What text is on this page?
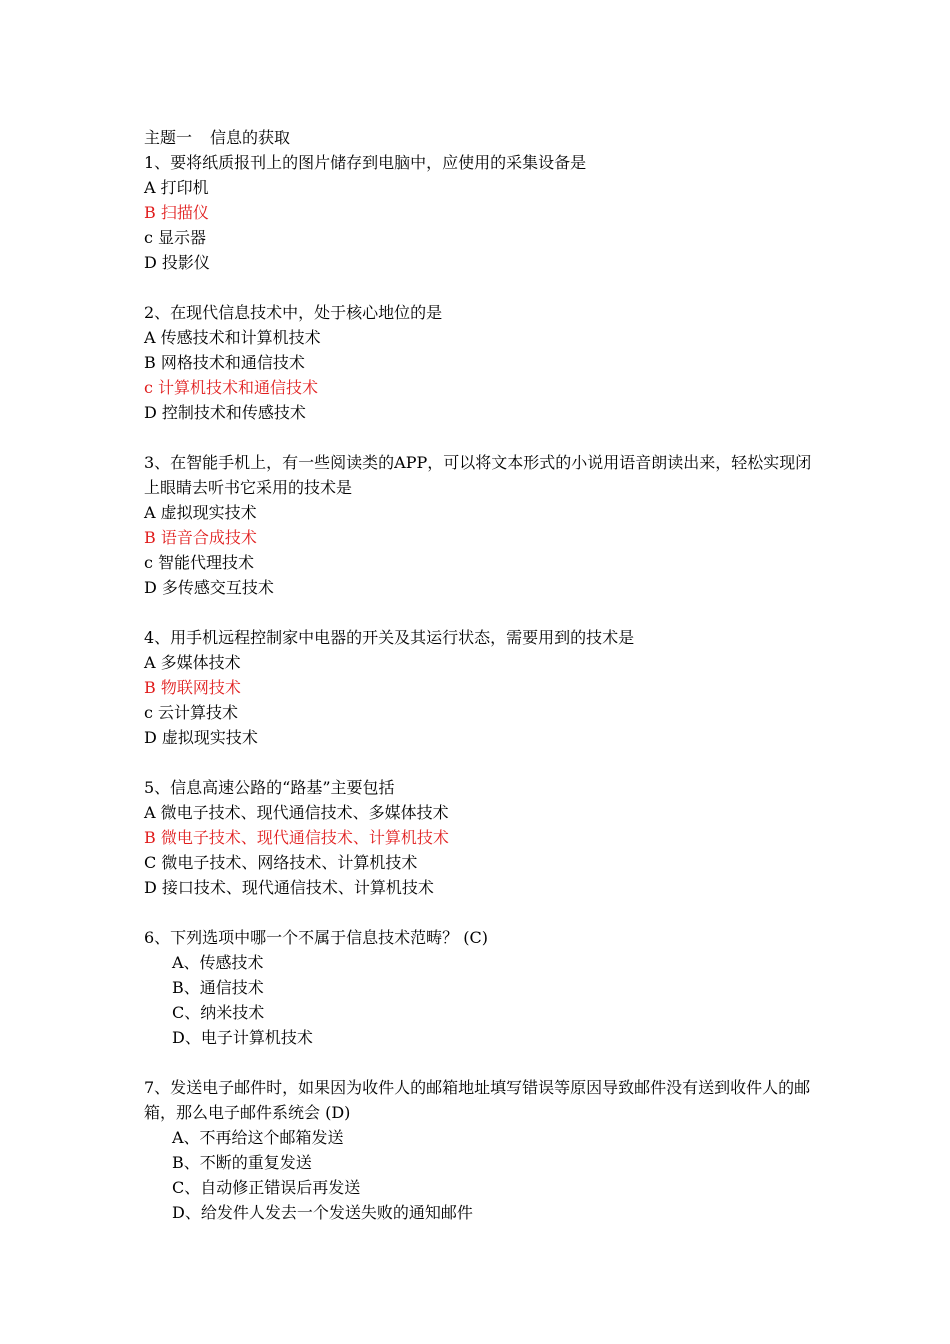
主题一 信息的获取
1、要将纸质报刊上的图片储存到电脑中，应使用的采集设备是
A 打印机
B 扫描仪
c 显示器
D 投影仪
2、在现代信息技术中，处于核心地位的是
A 传感技术和计算机技术
B 网格技术和通信技术
c 计算机技术和通信技术
D 控制技术和传感技术
3、在智能手机上，有一些阅读类的APP，可以将文本形式的小说用语音朗读出来，轻松实现闭上眼睛去听书它采用的技术是
A 虚拟现实技术
B 语音合成技术
c 智能代理技术
D 多传感交互技术
4、用手机远程控制家中电器的开关及其运行状态，需要用到的技术是
A 多媒体技术
B 物联网技术
c 云计算技术
D 虚拟现实技术
5、信息高速公路的“路基”主要包括
A 微电子技术、现代通信技术、多媒体技术
B 微电子技术、现代通信技术、计算机技术
C 微电子技术、网络技术、计算机技术
D 接口技术、现代通信技术、计算机技术
6、下列选项中哪一个不属于信息技术范畴？ (C)
A、传感技术
B、通信技术
C、纳米技术
D、电子计算机技术
7、发送电子邮件时，如果因为收件人的邮箱地址填写错误等原因导致邮件没有送到收件人的邮箱，那么电子邮件系统会 (D)
A、不再给这个邮箱发送
B、不断的重复发送
C、自动修正错误后再发送
D、给发件人发去一个发送失败的通知邮件
